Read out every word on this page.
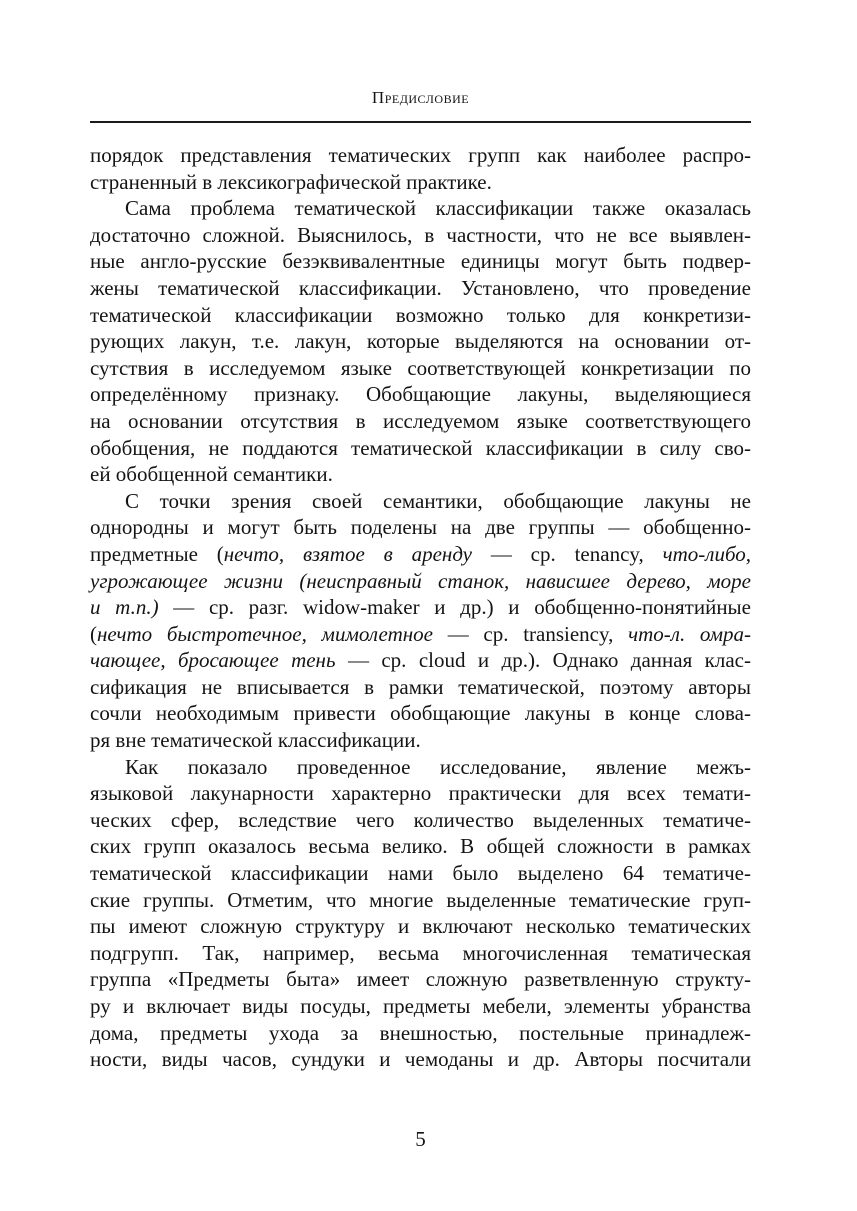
Предисловие
порядок представления тематических групп как наиболее распро-
страненный в лексикографической практике.
Сама проблема тематической классификации также оказалась
достаточно сложной. Выяснилось, в частности, что не все выявлен-
ные англо-русские безэквивалентные единицы могут быть подвер-
жены тематической классификации. Установлено, что проведение
тематической классификации возможно только для конкретизи-
рующих лакун, т.е. лакун, которые выделяются на основании от-
сутствия в исследуемом языке соответствующей конкретизации по
определённому признаку. Обобщающие лакуны, выделяющиеся
на основании отсутствия в исследуемом языке соответствующего
обобщения, не поддаются тематической классификации в силу сво-
ей обобщенной семантики.
С точки зрения своей семантики, обобщающие лакуны не
однородны и могут быть поделены на две группы — обобщенно-
предметные (нечто, взятое в аренду — ср. tenancy, что-либо,
угрожающее жизни (неисправный станок, нависшее дерево, море
и т.п.) — ср. разг. widow-maker и др.) и обобщенно-понятийные
(нечто быстротечное, мимолетное — ср. transiency, что-л. омра-
чающее, бросающее тень — ср. cloud и др.). Однако данная клас-
сификация не вписывается в рамки тематической, поэтому авторы
сочли необходимым привести обобщающие лакуны в конце слова-
ря вне тематической классификации.
Как показало проведенное исследование, явление межъ-
языковой лакунарности характерно практически для всех темати-
ческих сфер, вследствие чего количество выделенных тематиче-
ских групп оказалось весьма велико. В общей сложности в рамках
тематической классификации нами было выделено 64 тематиче-
ские группы. Отметим, что многие выделенные тематические груп-
пы имеют сложную структуру и включают несколько тематических
подгрупп. Так, например, весьма многочисленная тематическая
группа «Предметы быта» имеет сложную разветвленную структу-
ру и включает виды посуды, предметы мебели, элементы убранства
дома, предметы ухода за внешностью, постельные принадлеж-
ности, виды часов, сундуки и чемоданы и др. Авторы посчитали
5
